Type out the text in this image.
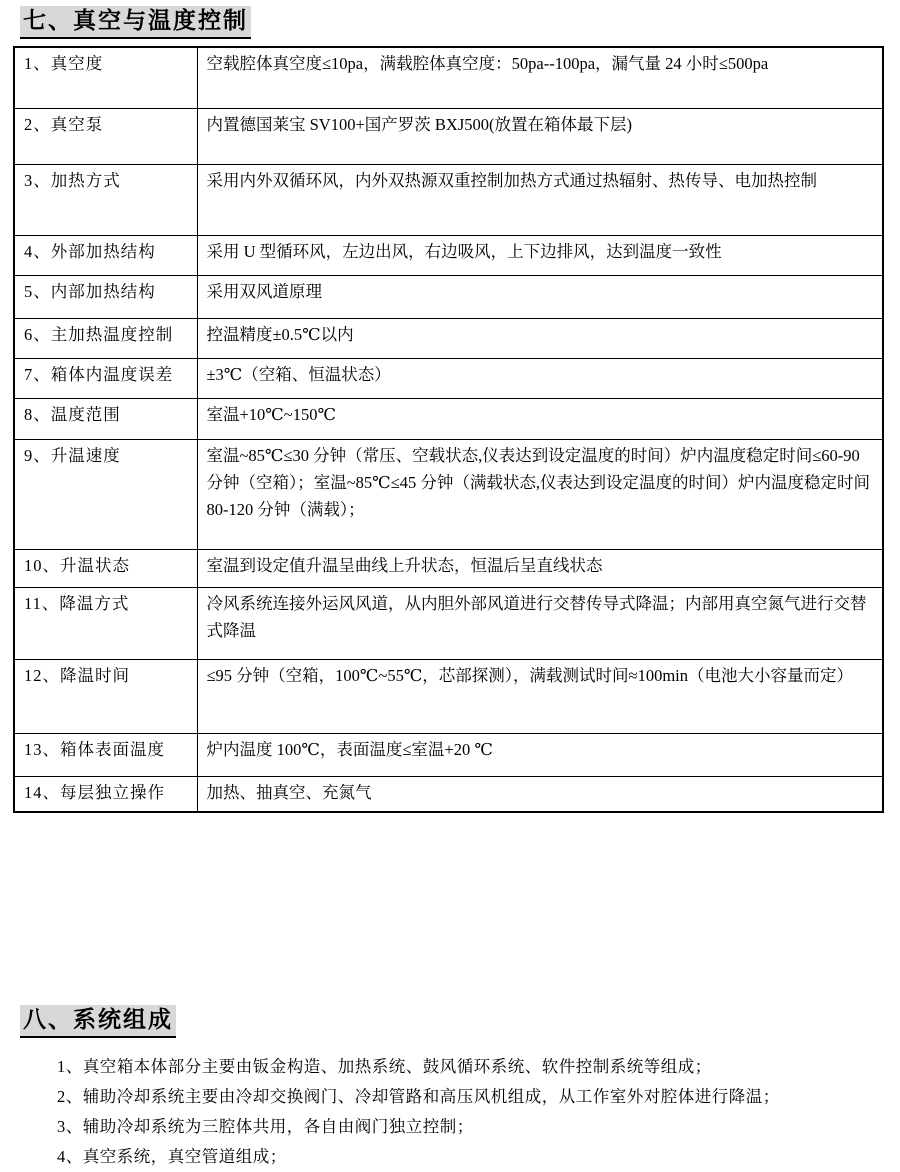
七、真空与温度控制
1、真空度	空载腔体真空度≤10pa，满载腔体真空度：50pa--100pa，漏气量 24 小时≤500pa
2、真空泵	内置德国莱宝 SV100+国产罗茨 BXJ500(放置在箱体最下层)
3、加热方式	采用内外双循环风，内外双热源双重控制加热方式通过热辐射、热传导、电加热控制
4、外部加热结构	采用 U 型循环风，左边出风，右边吸风，上下边排风，达到温度一致性
5、内部加热结构	采用双风道原理
6、主加热温度控制	控温精度±0.5℃以内
7、箱体内温度误差	±3℃（空箱、恒温状态）
8、温度范围	室温+10℃~150℃
9、升温速度	室温~85℃≤30 分钟（常压、空载状态,仪表达到设定温度的时间）炉内温度稳定时间≤60-90 分钟（空箱）；室温~85℃≤45 分钟（满载状态,仪表达到设定温度的时间）炉内温度稳定时间 80-120 分钟（满载）；
10、升温状态	室温到设定值升温呈曲线上升状态，恒温后呈直线状态
11、降温方式	冷风系统连接外运风风道，从内胆外部风道进行交替传导式降温；内部用真空氮气进行交替式降温
12、降温时间	≤95 分钟（空箱，100℃~55℃，芯部探测），满载测试时间≈100min（电池大小容量而定）
13、箱体表面温度	炉内温度 100℃，表面温度≤室温+20 ℃
14、每层独立操作	加热、抽真空、充氮气
八、系统组成
1、真空箱本体部分主要由钣金构造、加热系统、鼓风循环系统、软件控制系统等组成；
2、辅助冷却系统主要由冷却交换阀门、冷却管路和高压风机组成，从工作室外对腔体进行降温；
3、辅助冷却系统为三腔体共用，各自由阀门独立控制；
4、真空系统，真空管道组成；
